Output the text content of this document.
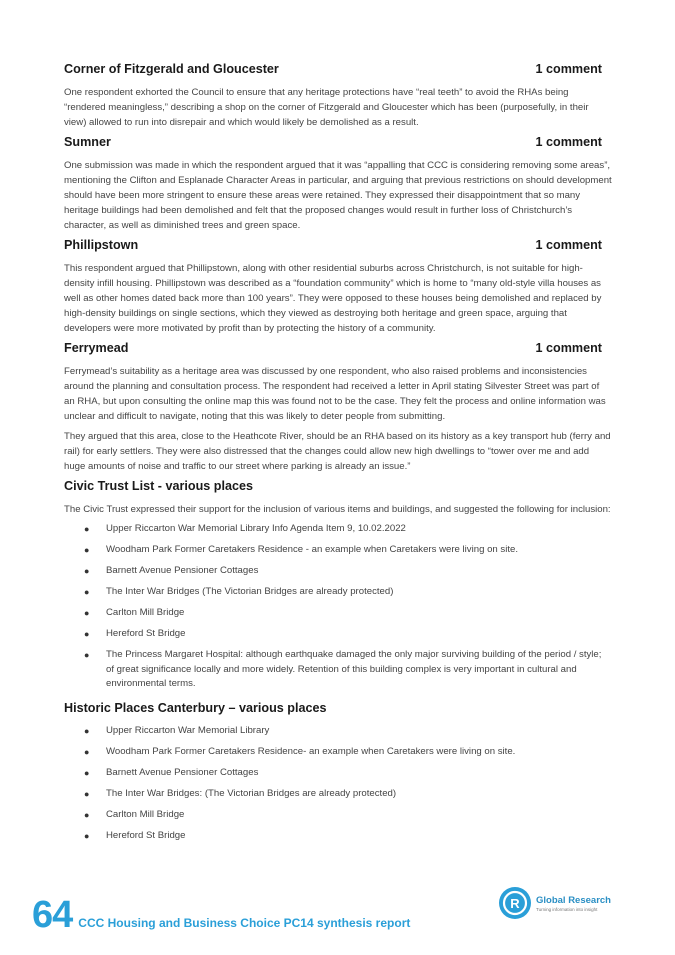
Corner of Fitzgerald and Gloucester	1 comment

One respondent exhorted the Council to ensure that any heritage protections have “real teeth” to avoid the RHAs being “rendered meaningless,” describing a shop on the corner of Fitzgerald and Gloucester which has been (purposefully, in their view) allowed to run into disrepair and which would likely be demolished as a result.

Sumner	1 comment

One submission was made in which the respondent argued that it was “appalling that CCC is considering removing some areas”, mentioning the Clifton and Esplanade Character Areas in particular, and arguing that previous restrictions on should development should have been more stringent to ensure these areas were retained. They expressed their disappointment that so many heritage buildings had been demolished and felt that the proposed changes would result in further loss of Christchurch’s character, as well as diminished trees and green space.

Phillipstown	1 comment

This respondent argued that Phillipstown, along with other residential suburbs across Christchurch, is not suitable for high-density infill housing. Phillipstown was described as a “foundation community” which is home to “many old-style villa houses as well as other homes dated back more than 100 years”. They were opposed to these houses being demolished and replaced by high-density buildings on single sections, which they viewed as destroying both heritage and green space, arguing that developers were more motivated by profit than by protecting the history of a community.

Ferrymead	1 comment

Ferrymead’s suitability as a heritage area was discussed by one respondent, who also raised problems and inconsistencies around the planning and consultation process. The respondent had received a letter in April stating Silvester Street was part of an RHA, but upon consulting the online map this was found not to be the case. They felt the process and online information was unclear and difficult to navigate, noting that this was likely to deter people from submitting.

They argued that this area, close to the Heathcote River, should be an RHA based on its history as a key transport hub (ferry and rail) for early settlers. They were also distressed that the changes could allow new high dwellings to “tower over me and add huge amounts of noise and traffic to our street where parking is already an issue.”

Civic Trust List - various places

The Civic Trust expressed their support for the inclusion of various items and buildings, and suggested the following for inclusion:

● Upper Riccarton War Memorial Library Info Agenda Item 9, 10.02.2022
● Woodham Park Former Caretakers Residence - an example when Caretakers were living on site.
● Barnett Avenue Pensioner Cottages
● The Inter War Bridges (The Victorian Bridges are already protected)
● Carlton Mill Bridge
● Hereford St Bridge
● The Princess Margaret Hospital: although earthquake damaged the only major surviving building of the period / style; of great significance locally and more widely. Retention of this building complex is very important in cultural and environmental terms.
Historic Places Canterbury – various places
● Upper Riccarton War Memorial Library
● Woodham Park Former Caretakers Residence- an example when Caretakers were living on site.
● Barnett Avenue Pensioner Cottages
● The Inter War Bridges: (The Victorian Bridges are already protected)
● Carlton Mill Bridge
● Hereford St Bridge
64 CCC Housing and Business Choice PC14 synthesis report
R Global Research
Turning information into insight
